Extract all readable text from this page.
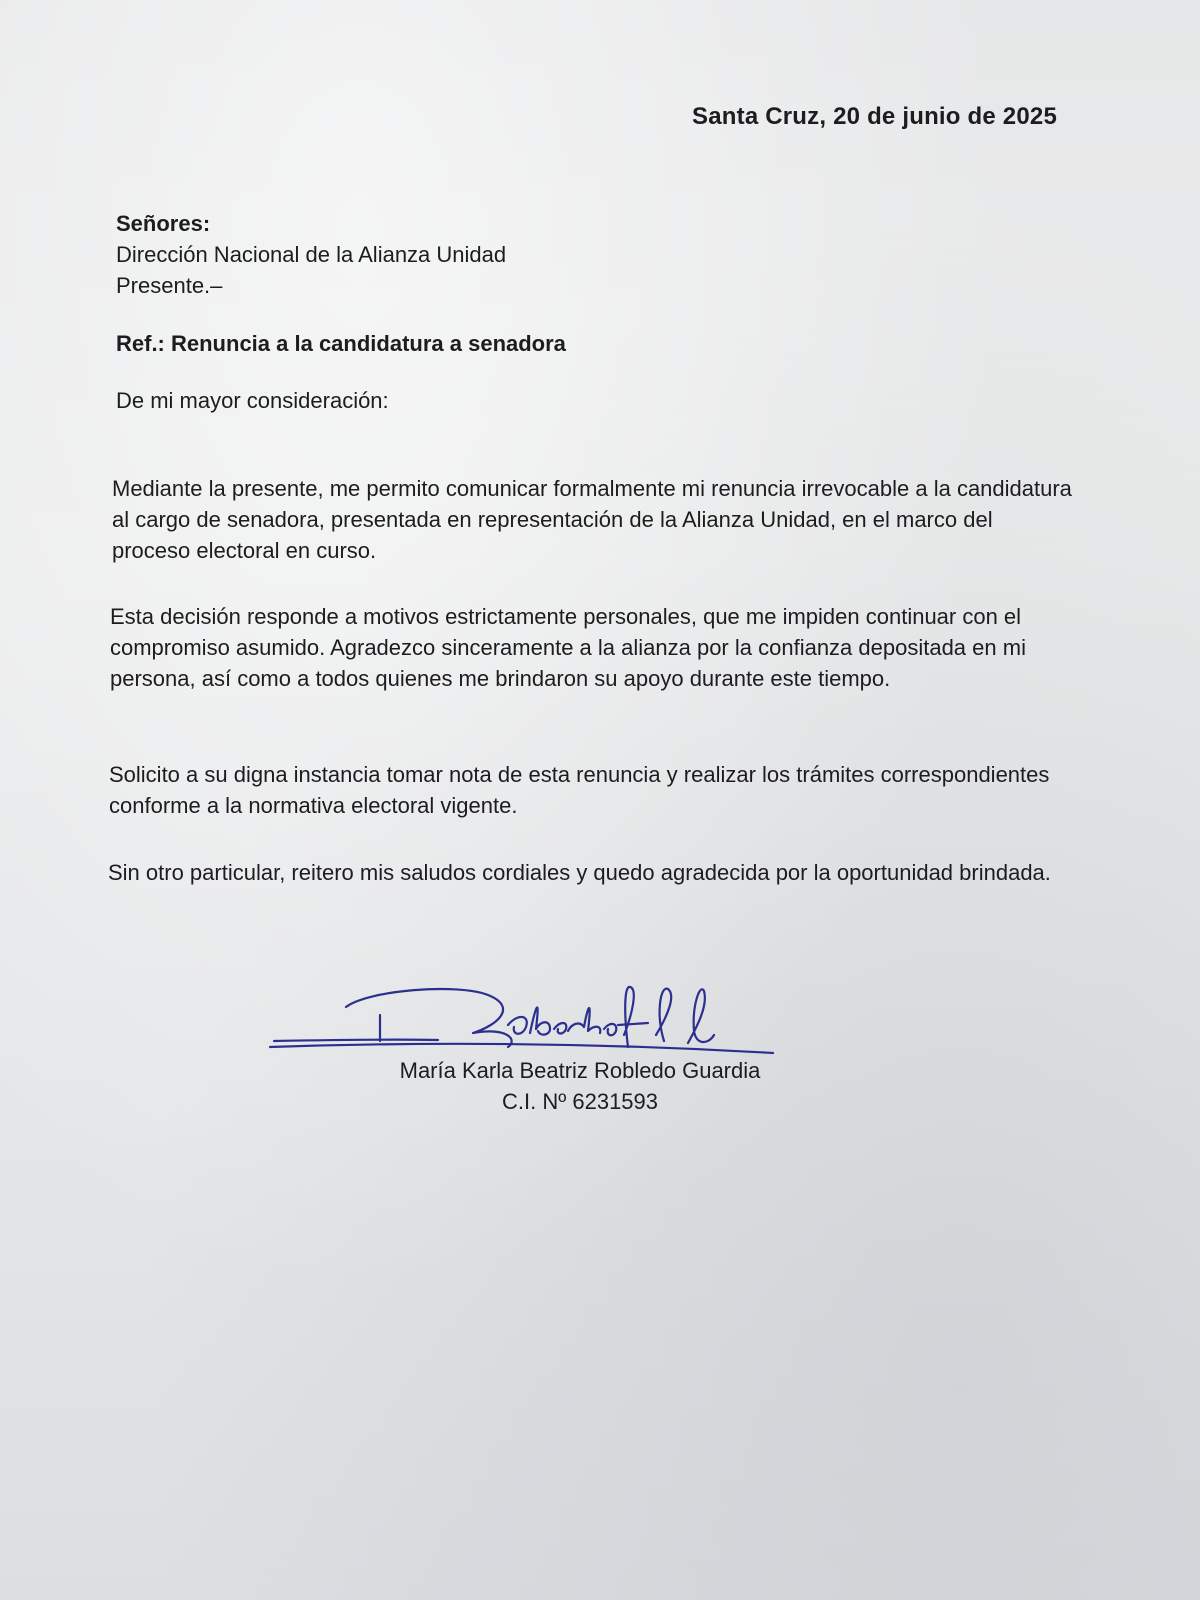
Santa Cruz, 20 de junio de 2025
Señores:
Dirección Nacional de la Alianza Unidad
Presente.–
Ref.: Renuncia a la candidatura a senadora
De mi mayor consideración:

Mediante la presente, me permito comunicar formalmente mi renuncia irrevocable a la candidatura al cargo de senadora, presentada en representación de la Alianza Unidad, en el marco del proceso electoral en curso.

Esta decisión responde a motivos estrictamente personales, que me impiden continuar con el compromiso asumido. Agradezco sinceramente a la alianza por la confianza depositada en mi persona, así como a todos quienes me brindaron su apoyo durante este tiempo.

Solicito a su digna instancia tomar nota de esta renuncia y realizar los trámites correspondientes conforme a la normativa electoral vigente.

Sin otro particular, reitero mis saludos cordiales y quedo agradecida por la oportunidad brindada.

María Karla Beatriz Robledo Guardia
C.I. Nº 6231593
